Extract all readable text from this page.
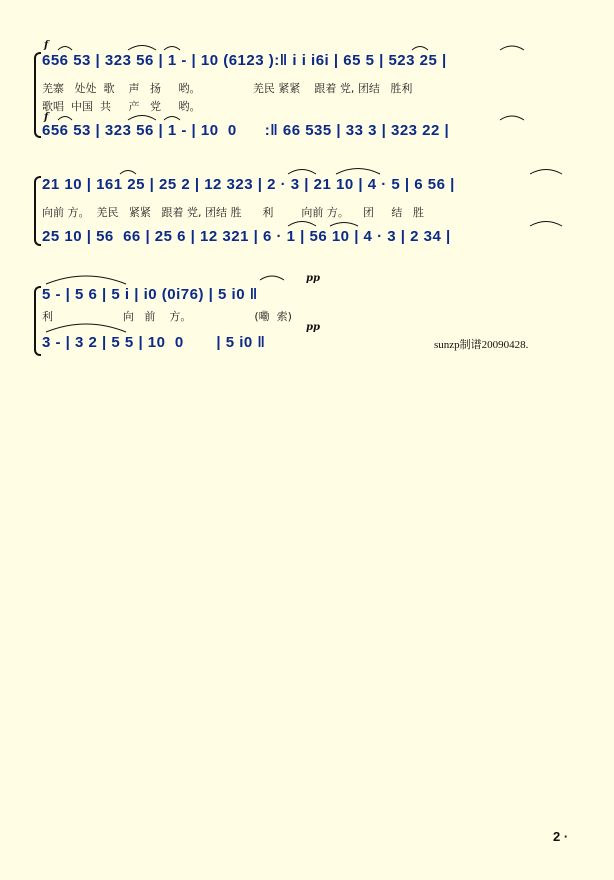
f
f
656 53 | 323 56 | 1 - | 10 (6123 ):‖ i i i6i | 65 5 | 523 25 |
羌寨   处处  歌    声   扬     哟。               羌民 紧紧    跟着 党, 团结   胜利
歌唱  中国  共     产   党     哟。
656 53 | 323 56 | 1 - | 10  0      :‖ 66 535 | 33 3 | 323 22 |
21 10 | 161 25 | 25 2 | 12 323 | 2 · 3 | 21 10 | 4 · 5 | 6 56 |
向前 方。  羌民   紧紧   跟着 党, 团结 胜      利        向前 方。    团     结   胜
25 10 | 56  66 | 25 6 | 12 321 | 6 · 1 | 56 10 | 4 · 3 | 2 34 |
pp
pp
5 - | 5 6 | 5 i | i0 (0i76) | 5 i0 ‖
利                    向   前    方。                  (嘞  索)
3 - | 3 2 | 5 5 | 10  0       | 5 i0 ‖	sunzp制谱20090428.
2 ·
